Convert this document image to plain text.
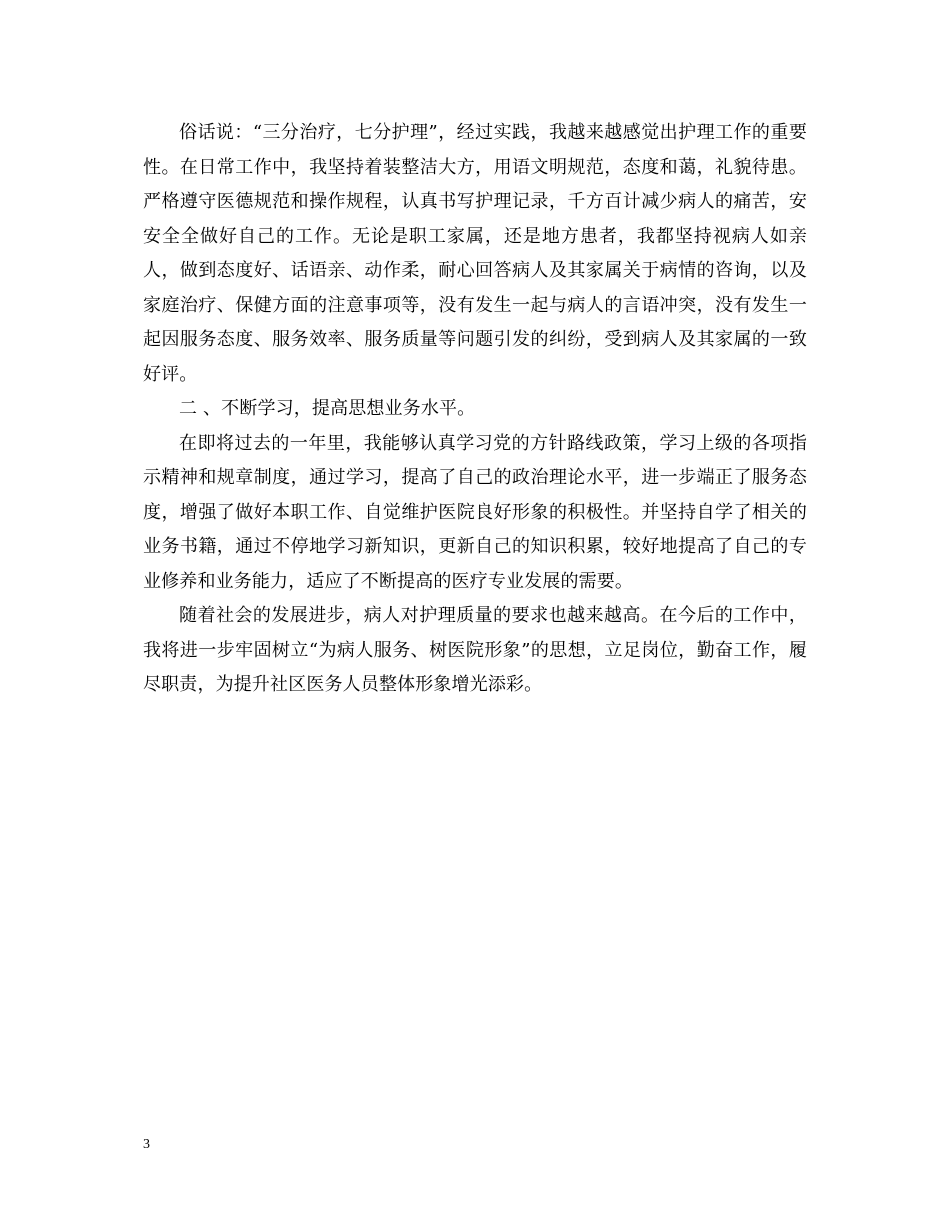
俗话说：“三分治疗，七分护理”，经过实践，我越来越感觉出护理工作的重要性。在日常工作中，我坚持着装整洁大方，用语文明规范，态度和蔼，礼貌待患。严格遵守医德规范和操作规程，认真书写护理记录，千方百计减少病人的痛苦，安安全全做好自己的工作。无论是职工家属，还是地方患者，我都坚持视病人如亲人，做到态度好、话语亲、动作柔，耐心回答病人及其家属关于病情的咨询，以及家庭治疗、保健方面的注意事项等，没有发生一起与病人的言语冲突，没有发生一起因服务态度、服务效率、服务质量等问题引发的纠纷，受到病人及其家属的一致好评。

二 、不断学习，提高思想业务水平。

在即将过去的一年里，我能够认真学习党的方针路线政策，学习上级的各项指示精神和规章制度，通过学习，提高了自己的政治理论水平，进一步端正了服务态度，增强了做好本职工作、自觉维护医院良好形象的积极性。并坚持自学了相关的业务书籍，通过不停地学习新知识，更新自己的知识积累，较好地提高了自己的专业修养和业务能力，适应了不断提高的医疗专业发展的需要。

随着社会的发展进步，病人对护理质量的要求也越来越高。在今后的工作中，我将进一步牢固树立“为病人服务、树医院形象”的思想，立足岗位，勤奋工作，履尽职责，为提升社区医务人员整体形象增光添彩。

3
